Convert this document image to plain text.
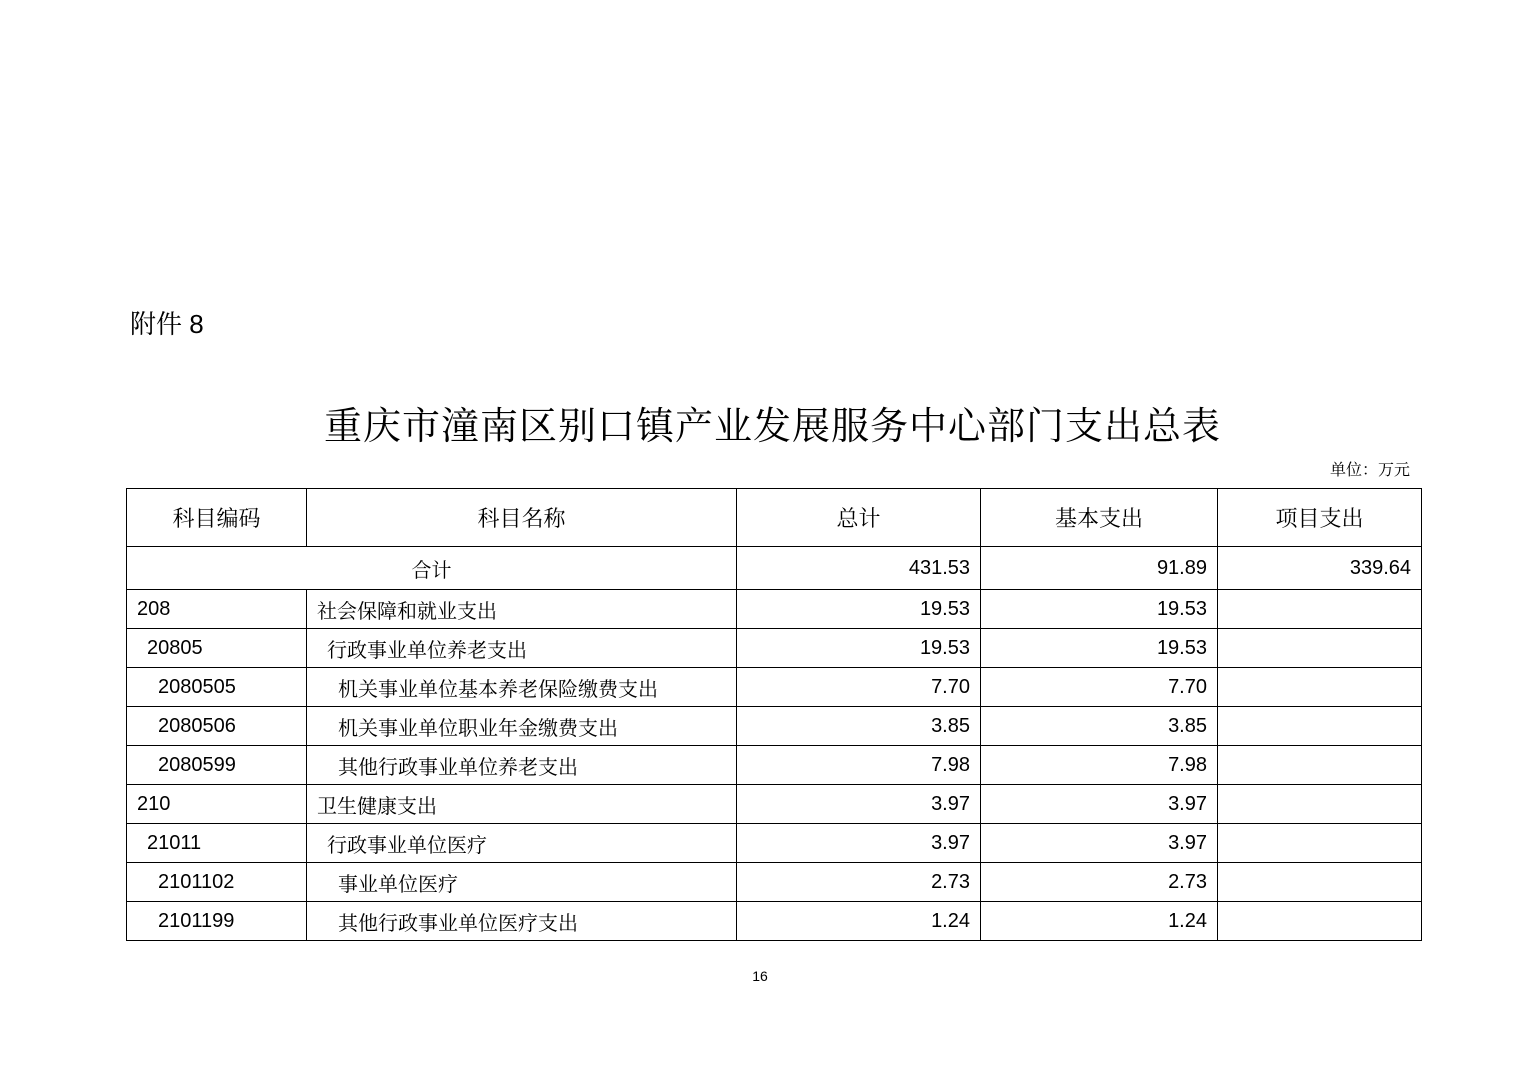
附件 8
重庆市潼南区别口镇产业发展服务中心部门支出总表
单位：万元
科目编码	科目名称	总计	基本支出	项目支出
合计		431.53	91.89	339.64
208	社会保障和就业支出	19.53	19.53	
20805	行政事业单位养老支出	19.53	19.53	
2080505	机关事业单位基本养老保险缴费支出	7.70	7.70	
2080506	机关事业单位职业年金缴费支出	3.85	3.85	
2080599	其他行政事业单位养老支出	7.98	7.98	
210	卫生健康支出	3.97	3.97	
21011	行政事业单位医疗	3.97	3.97	
2101102	事业单位医疗	2.73	2.73	
2101199	其他行政事业单位医疗支出	1.24	1.24	
16
